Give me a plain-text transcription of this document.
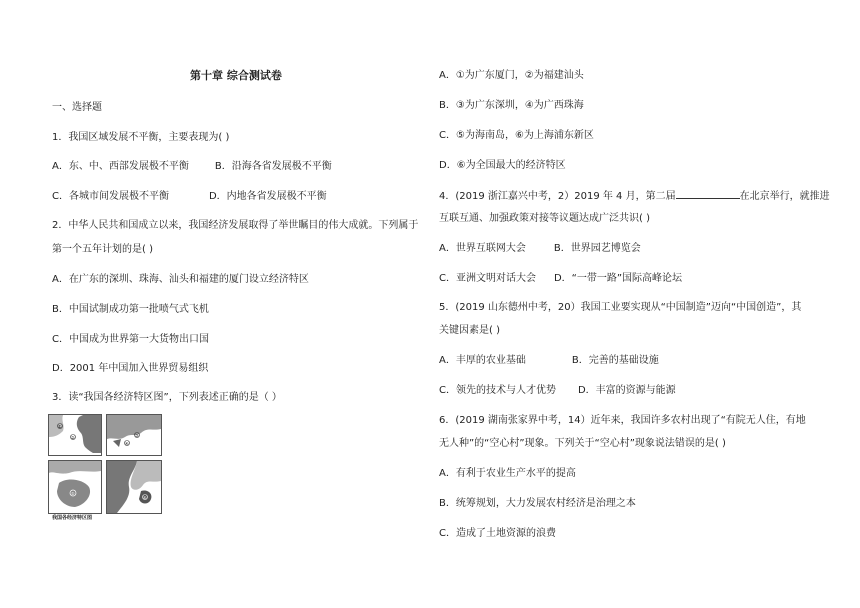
第十章 综合测试卷
一、选择题
1．我国区域发展不平衡，主要表现为( )
A．东、中、西部发展极不平衡	B．沿海各省发展极不平衡
C．各城市间发展极不平衡	D．内地各省发展极不平衡
2．中华人民共和国成立以来，我国经济发展取得了举世瞩目的伟大成就。下列属于
第一个五年计划的是( )
A．在广东的深圳、珠海、汕头和福建的厦门设立经济特区
B．中国试制成功第一批喷气式飞机
C．中国成为世界第一大货物出口国
D．2001 年中国加入世界贸易组织
3．读“我国各经济特区图”，下列表述正确的是（ ）
①
②	③
④
⑤
⑥
我国各经济特区图
A．①为广东厦门，②为福建汕头
B．③为广东深圳，④为广西珠海
C．⑤为海南岛，⑥为上海浦东新区
D．⑥为全国最大的经济特区
4．(2019 浙江嘉兴中考，2）2019 年 4 月，第二届	在北京举行，就推进
互联互通、加强政策对接等议题达成广泛共识( )
A．世界互联网大会	B．世界园艺博览会
C．亚洲文明对话大会 D．“一带一路”国际高峰论坛
5．(2019 山东德州中考，20）我国工业要实现从“中国制造”迈向“中国创造”，其
关键因素是( )
A．丰厚的农业基础	B．完善的基础设施
C．领先的技术与人才优势 D．丰富的资源与能源
6．(2019 湖南张家界中考，14）近年来，我国许多农村出现了“有院无人住，有地
无人种”的“空心村”现象。下列关于“空心村”现象说法错误的是( )
A．有利于农业生产水平的提高
B．统筹规划，大力发展农村经济是治理之本
C．造成了土地资源的浪费
